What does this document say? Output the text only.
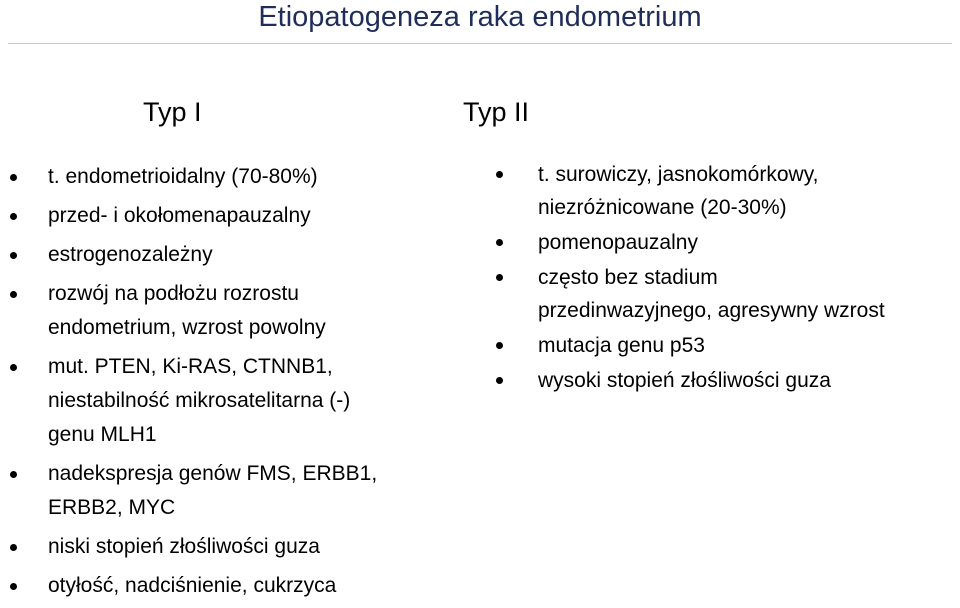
Etiopatogeneza raka endometrium
Typ I	Typ II
t. endometrioidalny (70-80%)
przed- i okołomenapauzalny
estrogenozależny
rozwój na podłożu rozrostu
endometrium, wzrost powolny
mut. PTEN, Ki-RAS, CTNNB1,
niestabilność mikrosatelitarna (-)
genu MLH1
nadekspresja genów FMS, ERBB1,
ERBB2, MYC
niski stopień złośliwości guza
otyłość, nadciśnienie, cukrzyca
t. surowiczy, jasnokomórkowy,
niezróżnicowane (20-30%)
pomenopauzalny
często bez stadium
przedinwazyjnego, agresywny wzrost
mutacja genu p53
wysoki stopień złośliwości guza
